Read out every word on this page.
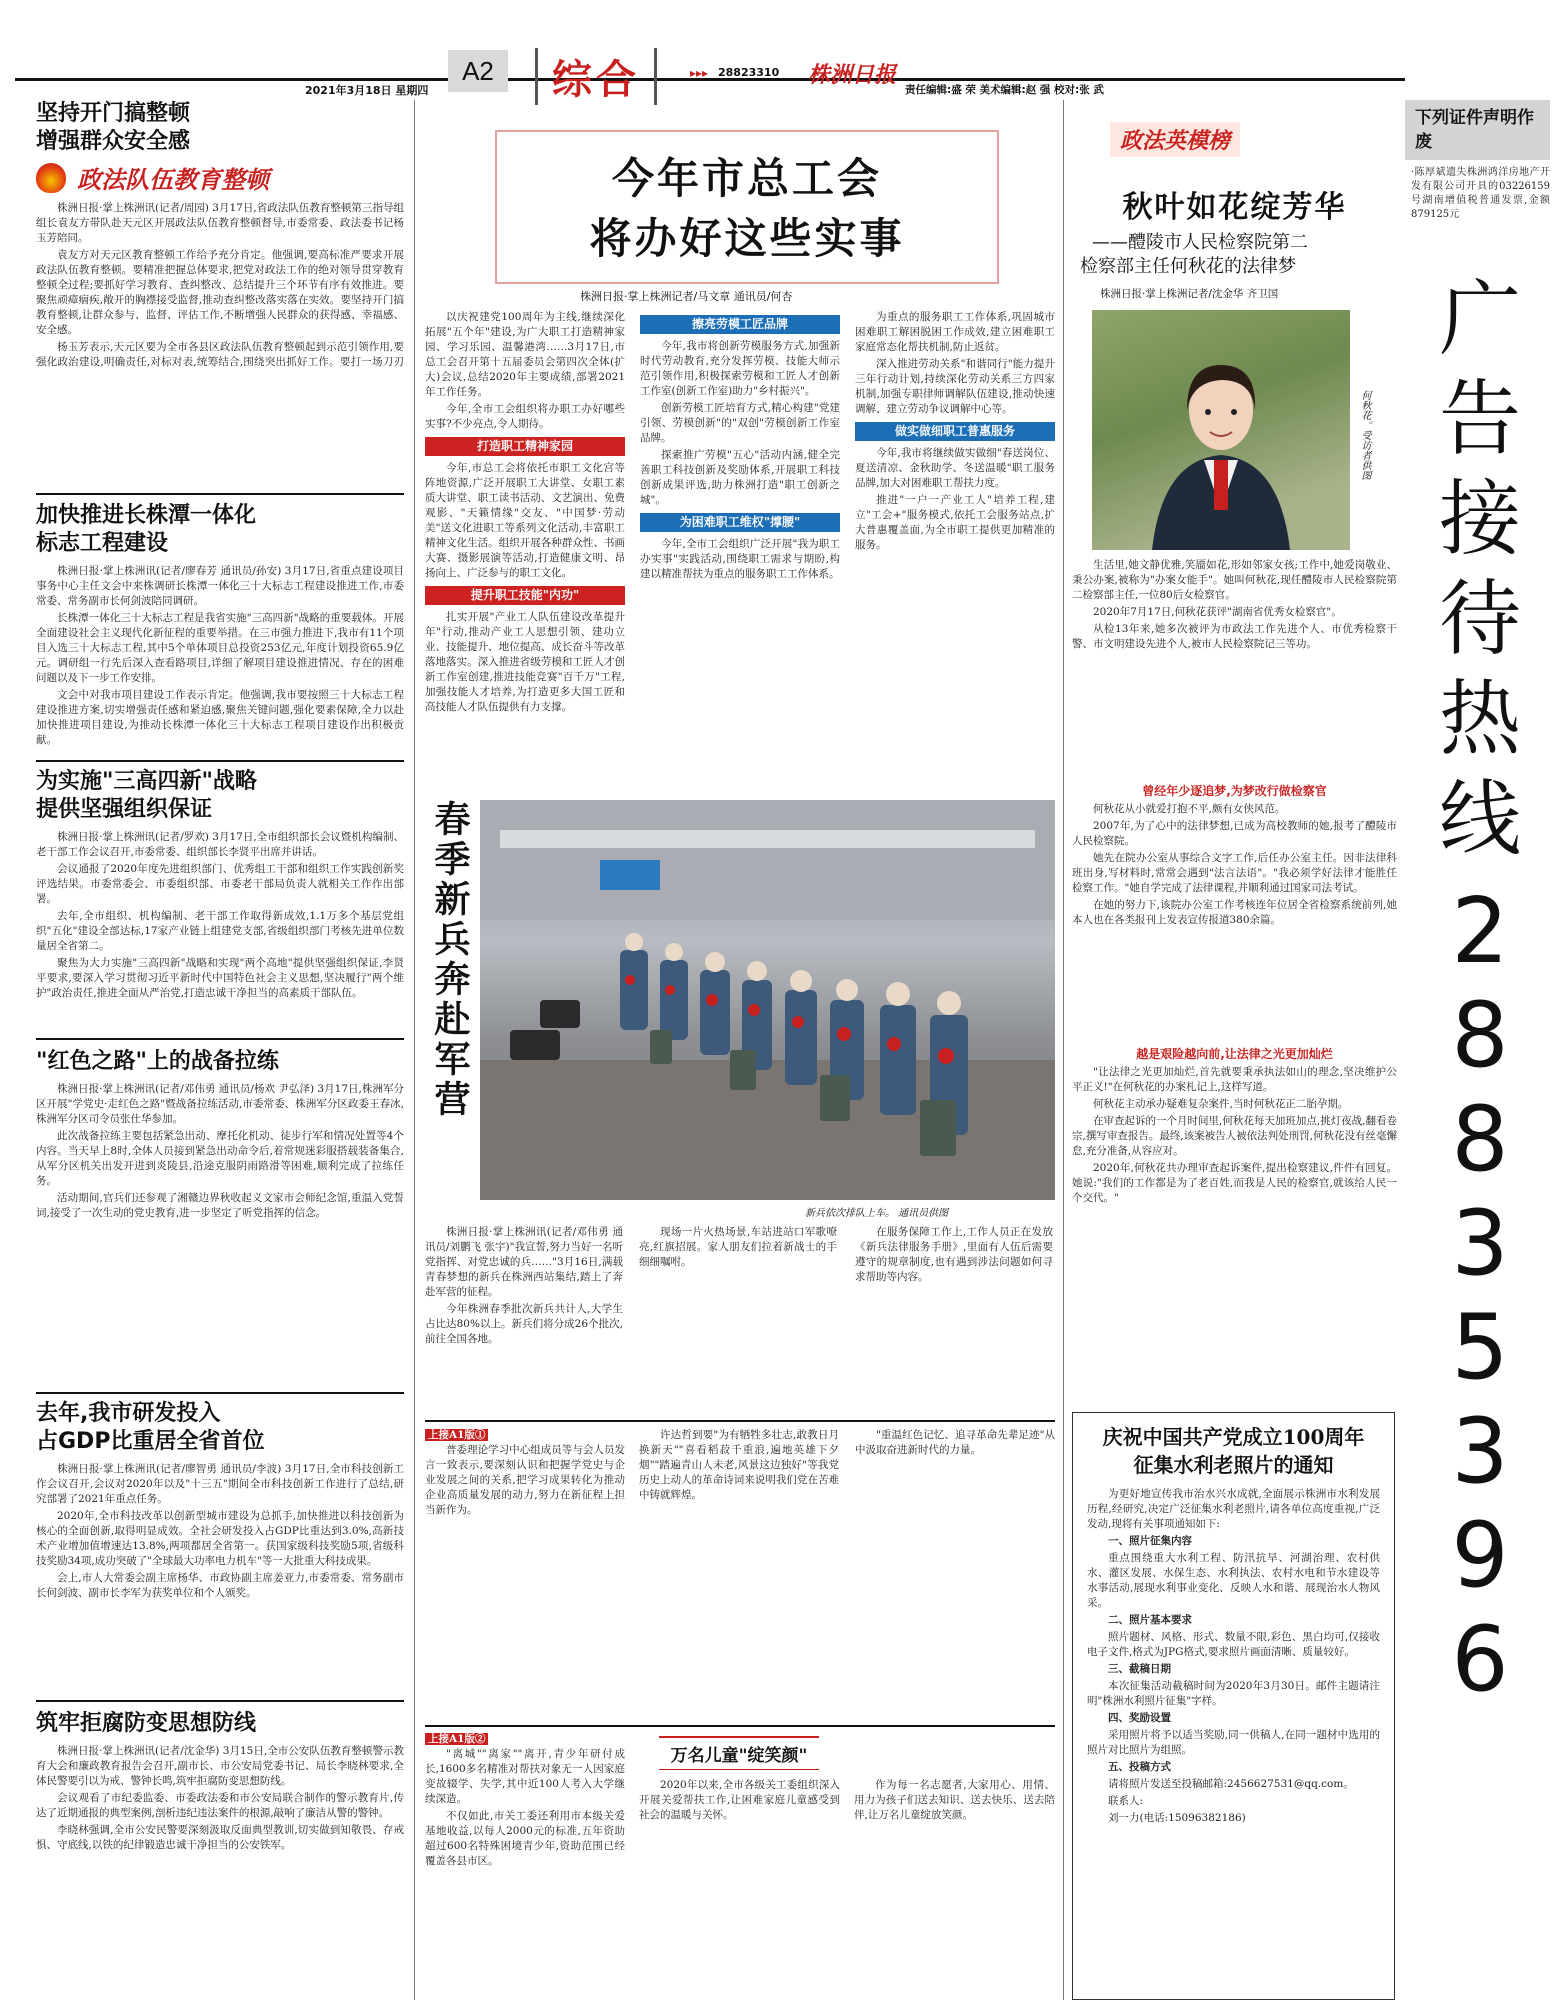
2021年3月18日 星期四
A2	综合	▸▸▸ 28823310 株洲日报
责任编辑:盛 荣 美术编辑:赵 强 校对:张 武
下列证件声明作废
·陈厚斌遗失株洲鸿洋房地产开发有限公司开具的03226159号湖南增值税普通发票,金额879125元
广
告
接
待
热
线
2
8
8
3
5
3
9
6
坚持开门搞整顿
增强群众安全感
政法队伍教育整顿

株洲日报·掌上株洲讯(记者/周园) 3月17日,省政法队伍教育整顿第三指导组组长袁友方带队赴天元区开展政法队伍教育整顿督导,市委常委、政法委书记杨玉芳陪同。

袁友方对天元区教育整顿工作给予充分肯定。他强调,要高标准严要求开展政法队伍教育整顿。要精准把握总体要求,把党对政法工作的绝对领导贯穿教育整顿全过程;要抓好学习教育、查纠整改、总结提升三个环节有序有效推进。要聚焦顽瘴痼疾,敞开的胸襟接受监督,推动查纠整改落实落在实效。要坚持开门搞教育整顿,让群众参与、监督、评估工作,不断增强人民群众的获得感、幸福感、安全感。

杨玉芳表示,天元区要为全市各县区政法队伍教育整顿起到示范引领作用,要强化政治建设,明确责任,对标对表,统筹结合,围绕突出抓好工作。要打一场刀刃

加快推进长株潭一体化
标志工程建设

株洲日报·掌上株洲讯(记者/廖春芳 通讯员/孙安) 3月17日,省重点建设项目事务中心主任文会中来株调研长株潭一体化三十大标志工程建设推进工作,市委常委、常务副市长何剑波陪同调研。

长株潭一体化三十大标志工程是我省实施"三高四新"战略的重要载体。开展全面建设社会主义现代化新征程的重要举措。在三市强力推进下,我市有11个项目入选三十大标志工程,其中5个单体项目总投资253亿元,年度计划投资65.9亿元。调研组一行先后深入查看路项目,详细了解项目建设推进情况、存在的困难问题以及下一步工作安排。

文会中对我市项目建设工作表示肯定。他强调,我市要按照三十大标志工程建设推进方案,切实增强责任感和紧迫感,聚焦关键问题,强化要素保障,全力以赴加快推进项目建设,为推动长株潭一体化三十大标志工程项目建设作出积极贡献。

为实施"三高四新"战略
提供坚强组织保证

株洲日报·掌上株洲讯(记者/罗欢) 3月17日,全市组织部长会议暨机构编制、老干部工作会议召开,市委常委、组织部长李贤平出席并讲话。

会议通报了2020年度先进组织部门、优秀组工干部和组织工作实践创新奖评选结果。市委常委会、市委组织部、市委老干部局负责人就相关工作作出部署。

去年,全市组织、机构编制、老干部工作取得新成效,1.1万多个基层党组织"五化"建设全部达标,17家产业链上组建党支部,省级组织部门考核先进单位数量居全省第二。

聚焦为大力实施"三高四新"战略和实现"两个高地"提供坚强组织保证,李贤平要求,要深入学习贯彻习近平新时代中国特色社会主义思想,坚决履行"两个维护"政治责任,推进全面从严治党,打造忠诚干净担当的高素质干部队伍。

"红色之路"上的战备拉练

株洲日报·掌上株洲讯(记者/邓伟勇 通讯员/杨欢 尹弘泽) 3月17日,株洲军分区开展"学党史·走红色之路"暨战备拉练活动,市委常委、株洲军分区政委王春冰,株洲军分区司令员张仕华参加。

此次战备拉练主要包括紧急出动、摩托化机动、徒步行军和情况处置等4个内容。当天早上8时,全体人员接到紧急出动命令后,着常规迷彩服搭载装备集合,从军分区机关出发开进到炎陵县,沿途克服阴雨路滑等困难,顺利完成了拉练任务。

活动期间,官兵们还参观了湘赣边界秋收起义文家市会师纪念馆,重温入党誓词,接受了一次生动的党史教育,进一步坚定了听党指挥的信念。

去年,我市研发投入
占GDP比重居全省首位

株洲日报·掌上株洲讯(记者/廖智勇 通讯员/李波) 3月17日,全市科技创新工作会议召开,会议对2020年以及"十三五"期间全市科技创新工作进行了总结,研究部署了2021年重点任务。

2020年,全市科技改革以创新型城市建设为总抓手,加快推进以科技创新为核心的全面创新,取得明显成效。全社会研发投入占GDP比重达到3.0%,高新技术产业增加值增速达13.8%,两项都居全省第一。获国家级科技奖励5项,省级科技奖励34项,成功突破了"全球最大功率电力机车"等一大批重大科技成果。

会上,市人大常委会副主席杨华、市政协副主席姜亚力,市委常委、常务副市长何剑波、副市长李军为获奖单位和个人颁奖。

筑牢拒腐防变思想防线

株洲日报·掌上株洲讯(记者/沈金华) 3月15日,全市公安队伍教育整顿警示教育大会和廉政教育报告会召开,副市长、市公安局党委书记、局长李晓林要求,全体民警要引以为戒、警钟长鸣,筑牢拒腐防变思想防线。

会议观看了市纪委监委、市委政法委和市公安局联合制作的警示教育片,传达了近期通报的典型案例,剖析违纪违法案件的根源,敲响了廉洁从警的警钟。

李晓林强调,全市公安民警要深刻汲取反面典型教训,切实做到知敬畏、存戒惧、守底线,以铁的纪律锻造忠诚干净担当的公安铁军。

今年市总工会
将办好这些实事
株洲日报·掌上株洲记者/马文章 通讯员/何杏

以庆祝建党100周年为主线,继续深化拓展"五个年"建设,为广大职工打造精神家园、学习乐园、温馨港湾……3月17日,市总工会召开第十五届委员会第四次全体(扩大)会议,总结2020年主要成绩,部署2021年工作任务。

今年,全市工会组织将办职工办好哪些实事?不少亮点,令人期待。

打造职工精神家园

今年,市总工会将依托市职工文化宫等阵地资源,广泛开展职工大讲堂、女职工素质大讲堂、职工读书活动、文艺演出、免费观影、"天籁情缘"交友、"中国梦·劳动美"送文化进职工等系列文化活动,丰富职工精神文化生活。组织开展各种群众性、书画大赛、摄影展演等活动,打造健康文明、昂扬向上、广泛参与的职工文化。

提升职工技能"内功"

扎实开展"产业工人队伍建设改革提升年"行动,推动产业工人思想引领、建功立业、技能提升、地位提高、成长奋斗等改革落地落实。深入推进省级劳模和工匠人才创新工作室创建,推进技能竞赛"百千万"工程,加强技能人才培养,为打造更多大国工匠和高技能人才队伍提供有力支撑。

擦亮劳模工匠品牌

今年,我市将创新劳模服务方式,加强新时代劳动教育,充分发挥劳模、技能大师示范引领作用,积极探索劳模和工匠人才创新工作室(创新工作室)助力"乡村振兴"。

创新劳模工匠培育方式,精心构建"党建引领、劳模创新"的"双创"劳模创新工作室品牌。

探索推广劳模"五心"活动内涵,健全完善职工科技创新及奖励体系,开展职工科技创新成果评选,助力株洲打造"职工创新之城"。

为困难职工维权"撑腰"

今年,全市工会组织广泛开展"我为职工办实事"实践活动,围绕职工需求与期盼,构建以精准帮扶为重点的服务职工工作体系。

为重点的服务职工工作体系,巩固城市困难职工解困脱困工作成效,建立困难职工家庭常态化帮扶机制,防止返贫。

深入推进劳动关系"和谐同行"能力提升三年行动计划,持续深化劳动关系三方四家机制,加强专职律师调解队伍建设,推动快速调解、建立劳动争议调解中心等。

做实做细职工普惠服务

今年,我市将继续做实做细"春送岗位、夏送清凉、金秋助学、冬送温暖"职工服务品牌,加大对困难职工帮扶力度。

推进"一户一产业工人"培养工程,建立"工会+"服务模式,依托工会服务站点,扩大普惠覆盖面,为全市职工提供更加精准的服务。

春季新兵奔赴军营
新兵依次排队上车。 通讯员供图

株洲日报·掌上株洲讯(记者/邓伟勇 通讯员/刘鹏飞 张宇)"我宣誓,努力当好一名听党指挥、对党忠诚的兵……"3月16日,满载青春梦想的新兵在株洲西站集结,踏上了奔赴军营的征程。

今年株洲春季批次新兵共计人,大学生占比达80%以上。新兵们将分成26个批次,前往全国各地。

现场一片火热场景,车站进站口军歌嘹亮,红旗招展。家人朋友们拉着新战士的手细细嘱咐。

在服务保障工作上,工作人员正在发放《新兵法律服务手册》,里面有人伍后需要遵守的规章制度,也有遇到涉法问题如何寻求帮助等内容。

上接A1版①

普委理论学习中心组成员等与会人员发言一致表示,要深刻认识和把握学党史与企业发展之间的关系,把学习成果转化为推动企业高质量发展的动力,努力在新征程上担当新作为。

许达哲到要"为有牺牲多壮志,敢教日月换新天""喜看稻菽千重浪,遍地英雄下夕烟""踏遍青山人未老,风景这边独好"等我党历史上动人的革命诗词来说明我们党在苦难中铸就辉煌。

"重温红色记忆、追寻革命先辈足迹"从中汲取奋进新时代的力量。

上接A1版②

"离城""离家""离开,青少年研付成长,1600多名精准对帮扶对象无一人因家庭变故辍学、失学,其中近100人考入大学继续深造。

不仅如此,市关工委还利用市本级关爱基地收益,以每人2000元的标准,五年资助超过600名特殊困境青少年,资助范围已经覆盖各县市区。

万名儿童"绽笑颜"

2020年以来,全市各级关工委组织深入开展关爱帮扶工作,让困难家庭儿童感受到社会的温暖与关怀。

作为每一名志愿者,大家用心、用情、用力为孩子们送去知识、送去快乐、送去陪伴,让万名儿童绽放笑颜。

政法英模榜
秋叶如花绽芳华
——醴陵市人民检察院第二
检察部主任何秋花的法律梦
株洲日报·掌上株洲记者/沈金华 齐卫国
何秋花。受访者供图

生活里,她文静优雅,笑靥如花,形如邻家女孩;工作中,她爱岗敬业、秉公办案,被称为"办案女能手"。她叫何秋花,现任醴陵市人民检察院第二检察部主任,一位80后女检察官。

2020年7月17日,何秋花获评"湖南省优秀女检察官"。

从检13年来,她多次被评为市政法工作先进个人、市优秀检察干警、市文明建设先进个人,被市人民检察院记三等功。

曾经年少逐追梦,为梦改行做检察官

何秋花从小就爱打抱不平,颇有女侠风范。

2007年,为了心中的法律梦想,已成为高校教师的她,报考了醴陵市人民检察院。

她先在院办公室从事综合文字工作,后任办公室主任。因非法律科班出身,写材料时,常常会遇到"法言法语"。"我必须学好法律才能胜任检察工作。"她自学完成了法律课程,并顺利通过国家司法考试。

在她的努力下,该院办公室工作考核连年位居全省检察系统前列,她本人也在各类报刊上发表宣传报道380余篇。

越是艰险越向前,让法律之光更加灿烂

"让法律之光更加灿烂,首先就要秉承执法如山的理念,坚决维护公平正义!"在何秋花的办案札记上,这样写道。

何秋花主动承办疑难复杂案件,当时何秋花正二胎孕期。

在审查起诉的一个月时间里,何秋花每天加班加点,挑灯夜战,翻看卷宗,撰写审查报告。最终,该案被告人被依法判处刑罚,何秋花没有丝毫懈怠,充分准备,从容应对。

2020年,何秋花共办理审查起诉案件,提出检察建议,件件有回复。她说:"我们的工作都是为了老百姓,而我是人民的检察官,就该给人民一个交代。"

庆祝中国共产党成立100周年
征集水利老照片的通知

为更好地宣传我市治水兴水成就,全面展示株洲市水利发展历程,经研究,决定广泛征集水利老照片,请各单位高度重视,广泛发动,现将有关事项通知如下:

一、照片征集内容

重点围绕重大水利工程、防汛抗旱、河湖治理、农村供水、灌区发展、水保生态、水利执法、农村水电和节水建设等水事活动,展现水利事业变化、反映人水和谐、展现治水人物风采。

二、照片基本要求

照片题材、风格、形式、数量不限,彩色、黑白均可,仅接收电子文件,格式为JPG格式,要求照片画面清晰、质量较好。

三、截稿日期

本次征集活动截稿时间为2020年3月30日。邮件主题请注明"株洲水利照片征集"字样。

四、奖励设置

采用照片将予以适当奖励,同一供稿人,在同一题材中选用的照片对比照片为组照。

五、投稿方式

请将照片发送至投稿邮箱:2456627531@qq.com。

联系人:

刘一力(电话:15096382186)
